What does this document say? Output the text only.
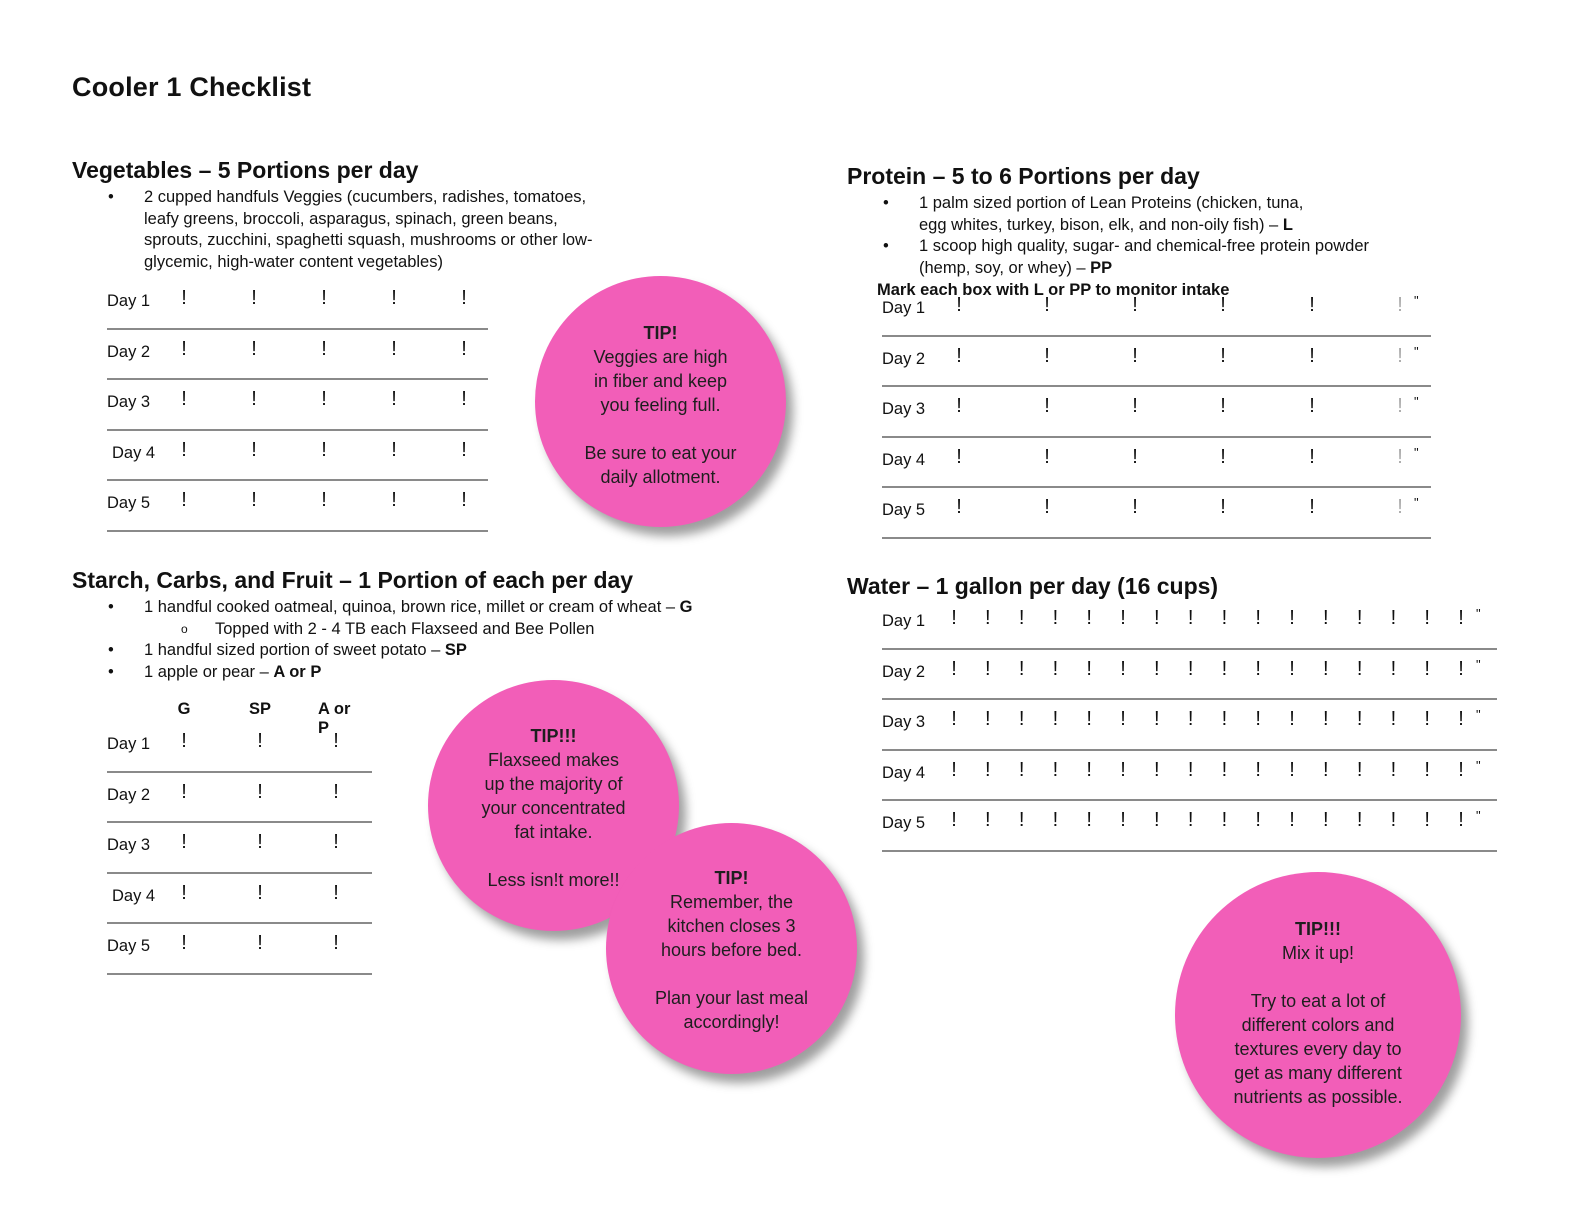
Cooler 1 Checklist
Vegetables – 5 Portions per day
• 2 cupped handfuls Veggies (cucumbers, radishes, tomatoes,
leafy greens, broccoli, asparagus, spinach, green beans,
sprouts, zucchini, spaghetti squash, mushrooms or other low-
glycemic, high-water content vegetables)
Day 1 !	!	!	!	!
Day 2 !	!	!	!	!
Day 3 !	!	!	!	!
Day 4 !	!	!	!	!
Day 5 !	!	!	!	!
Protein – 5 to 6 Portions per day
• 1 palm sized portion of Lean Proteins (chicken, tuna,
egg whites, turkey, bison, elk, and non-oily fish) – L
• 1 scoop high quality, sugar- and chemical-free protein powder
(hemp, soy, or whey) – PP
Mark each box with L or PP to monitor intake
Day 1 !	!	!	!	!	! "
Day 2 !	!	!	!	!	! "
Day 3 !	!	!	!	!	! "
Day 4 !	!	!	!	!	! "
Day 5 !	!	!	!	!	! "
Starch, Carbs, and Fruit – 1 Portion of each per day
• 1 handful cooked oatmeal, quinoa, brown rice, millet or cream of wheat – G
o Topped with 2 - 4 TB each Flaxseed and Bee Pollen
• 1 handful sized portion of sweet potato – SP
• 1 apple or pear – A or P
G	SP	A or P
Day 1 !	!	!
Day 2 !	!	!
Day 3 !	!	!
Day 4 !	!	!
Day 5 !	!	!
Water – 1 gallon per day (16 cups)
Day 1 ! ! ! ! ! ! ! ! ! ! ! ! ! ! ! ! "
Day 2 ! ! ! ! ! ! ! ! ! ! ! ! ! ! ! ! "
Day 3 ! ! ! ! ! ! ! ! ! ! ! ! ! ! ! ! "
Day 4 ! ! ! ! ! ! ! ! ! ! ! ! ! ! ! ! "
Day 5 ! ! ! ! ! ! ! ! ! ! ! ! ! ! ! ! "
TIP!
Veggies are high
in fiber and keep
you feeling full.
Be sure to eat your
daily allotment.
TIP!!!
Flaxseed makes
up the majority of
your concentrated
fat intake.
Less isn!t more!!	TIP!
Remember, the
kitchen closes 3
hours before bed.
Plan your last meal
accordingly!
TIP!!!
Mix it up!
Try to eat a lot of
different colors and
textures every day to
get as many different
nutrients as possible.
